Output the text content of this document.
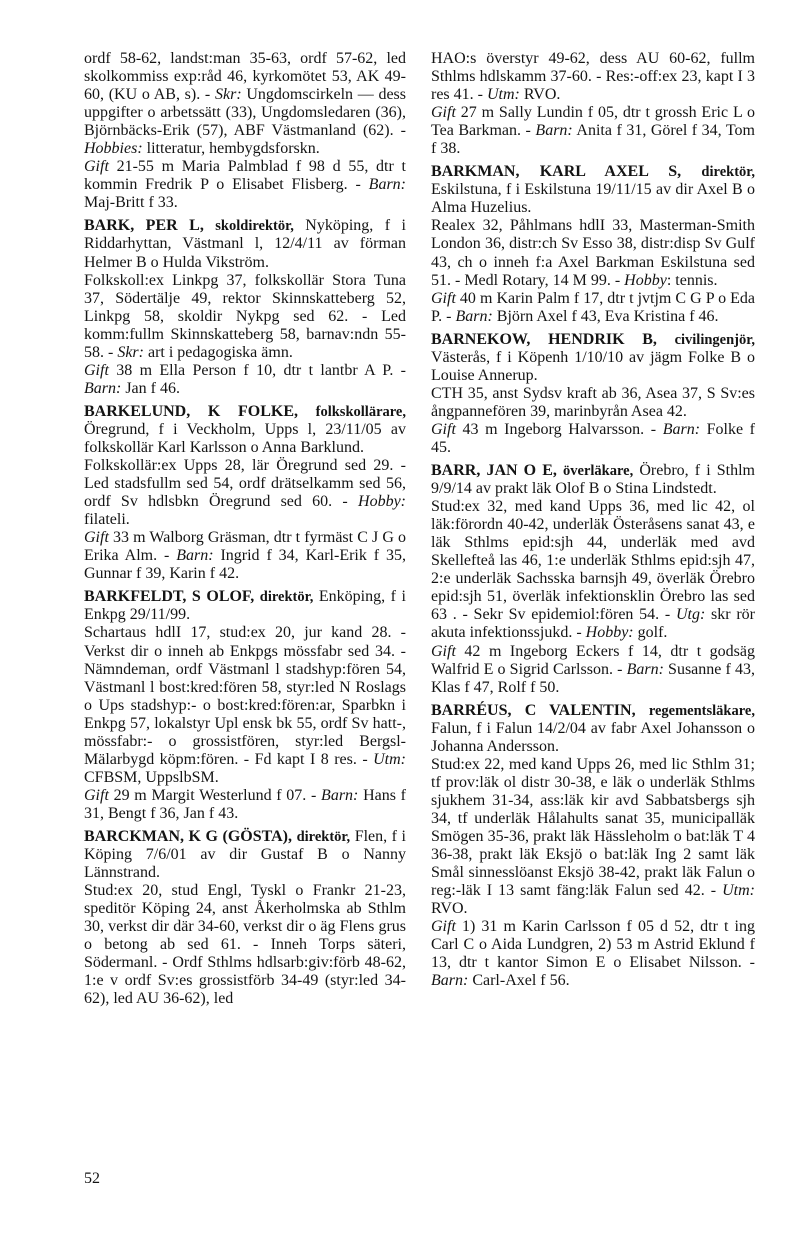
ordf 58-62, landst:man 35-63, ordf 57-62, led skolkommiss exp:råd 46, kyrkomötet 53, AK 49-60, (KU o AB, s). - Skr: Ungdomscirkeln — dess uppgifter o arbetssätt (33), Ungdomsledaren (36), Björnbäcks-Erik (57), ABF Västmanland (62). - Hobbies: litteratur, hembygdsforskn.
Gift 21-55 m Maria Palmblad f 98 d 55, dtr t kommin Fredrik P o Elisabet Flisberg. - Barn: Maj-Britt f 33.
BARK, PER L, skoldirektör, Nyköping, f i Riddarhyttan, Västmanl l, 12/4/11 av förman Helmer B o Hulda Vikström.
Folkskoll:ex Linkpg 37, folkskollär Stora Tuna 37, Södertälje 49, rektor Skinnskatteberg 52, Linkpg 58, skoldir Nykpg sed 62. - Led komm:fullm Skinnskatteberg 58, barnav:ndn 55-58. - Skr: art i pedagogiska ämn.
Gift 38 m Ella Person f 10, dtr t lantbr A P. - Barn: Jan f 46.
BARKELUND, K FOLKE, folkskollärare, Öregrund, f i Veckholm, Upps l, 23/11/05 av folkskollär Karl Karlsson o Anna Barklund.
Folkskollär:ex Upps 28, lär Öregrund sed 29. - Led stadsfullm sed 54, ordf drätselkamm sed 56, ordf Sv hdlsbkn Öregrund sed 60. - Hobby: filateli.
Gift 33 m Walborg Gräsman, dtr t fyrmäst C J G o Erika Alm. - Barn: Ingrid f 34, Karl-Erik f 35, Gunnar f 39, Karin f 42.
BARKFELDT, S OLOF, direktör, Enköping, f i Enkpg 29/11/99.
Schartaus hdlI 17, stud:ex 20, jur kand 28. - Verkst dir o inneh ab Enkpgs mössfabr sed 34. - Nämndeman, ordf Västmanl l stadshyp:fören 54, Västmanl l bost:kred:fören 58, styr:led N Roslags o Ups stadshyp:- o bost:kred:fören:ar, Sparbkn i Enkpg 57, lokalstyr Upl ensk bk 55, ordf Sv hatt-, mössfabr:- o grossistfören, styr:led Bergsl-Mälarbygd köpm:fören. - Fd kapt I 8 res. - Utm: CFBSM, UppslbSM.
Gift 29 m Margit Westerlund f 07. - Barn: Hans f 31, Bengt f 36, Jan f 43.
BARCKMAN, K G (GÖSTA), direktör, Flen, f i Köping 7/6/01 av dir Gustaf B o Nanny Lännstrand.
Stud:ex 20, stud Engl, Tyskl o Frankr 21-23, speditör Köping 24, anst Åkerholmska ab Sthlm 30, verkst dir där 34-60, verkst dir o äg Flens grus o betong ab sed 61. - Inneh Torps säteri, Södermanl. - Ordf Sthlms hdlsarb:giv:förb 48-62, 1:e v ordf Sv:es grossistförb 34-49 (styr:led 34-62), led AU 36-62), led
HAO:s överstyr 49-62, dess AU 60-62, fullm Sthlms hdlskamm 37-60. - Res:-off:ex 23, kapt I 3 res 41. - Utm: RVO.
Gift 27 m Sally Lundin f 05, dtr t grossh Eric L o Tea Barkman. - Barn: Anita f 31, Görel f 34, Tom f 38.
BARKMAN, KARL AXEL S, direktör, Eskilstuna, f i Eskilstuna 19/11/15 av dir Axel B o Alma Huzelius.
Realex 32, Påhlmans hdlI 33, Masterman-Smith London 36, distr:ch Sv Esso 38, distr:disp Sv Gulf 43, ch o inneh f:a Axel Barkman Eskilstuna sed 51. - Medl Rotary, 14 M 99. - Hobby: tennis.
Gift 40 m Karin Palm f 17, dtr t jvtjm C G P o Eda P. - Barn: Björn Axel f 43, Eva Kristina f 46.
BARNEKOW, HENDRIK B, civilingenjör, Västerås, f i Köpenh 1/10/10 av jägm Folke B o Louise Annerup.
CTH 35, anst Sydsv kraft ab 36, Asea 37, S Sv:es ångpannefören 39, marinbyrån Asea 42.
Gift 43 m Ingeborg Halvarsson. - Barn: Folke f 45.
BARR, JAN O E, överläkare, Örebro, f i Sthlm 9/9/14 av prakt läk Olof B o Stina Lindstedt.
Stud:ex 32, med kand Upps 36, med lic 42, ol läk:förordn 40-42, underläk Österåsens sanat 43, e läk Sthlms epid:sjh 44, underläk med avd Skellefteå las 46, 1:e underläk Sthlms epid:sjh 47, 2:e underläk Sachsska barnsjh 49, överläk Örebro epid:sjh 51, överläk infektionsklin Örebro las sed 63 . - Sekr Sv epidemiol:fören 54. - Utg: skr rör akuta infektionssjukd. - Hobby: golf.
Gift 42 m Ingeborg Eckers f 14, dtr t godsäg Walfrid E o Sigrid Carlsson. - Barn: Susanne f 43, Klas f 47, Rolf f 50.
BARRÉUS, C VALENTIN, regementsläkare, Falun, f i Falun 14/2/04 av fabr Axel Johansson o Johanna Andersson.
Stud:ex 22, med kand Upps 26, med lic Sthlm 31; tf prov:läk ol distr 30-38, e läk o underläk Sthlms sjukhem 31-34, ass:läk kir avd Sabbatsbergs sjh 34, tf underläk Hålahults sanat 35, municipalläk Smögen 35-36, prakt läk Hässleholm o bat:läk T 4 36-38, prakt läk Eksjö o bat:läk Ing 2 samt läk Smål sinnesslöanst Eksjö 38-42, prakt läk Falun o reg:-läk I 13 samt fäng:läk Falun sed 42. - Utm: RVO.
Gift 1) 31 m Karin Carlsson f 05 d 52, dtr t ing Carl C o Aida Lundgren, 2) 53 m Astrid Eklund f 13, dtr t kantor Simon E o Elisabet Nilsson. - Barn: Carl-Axel f 56.
52
